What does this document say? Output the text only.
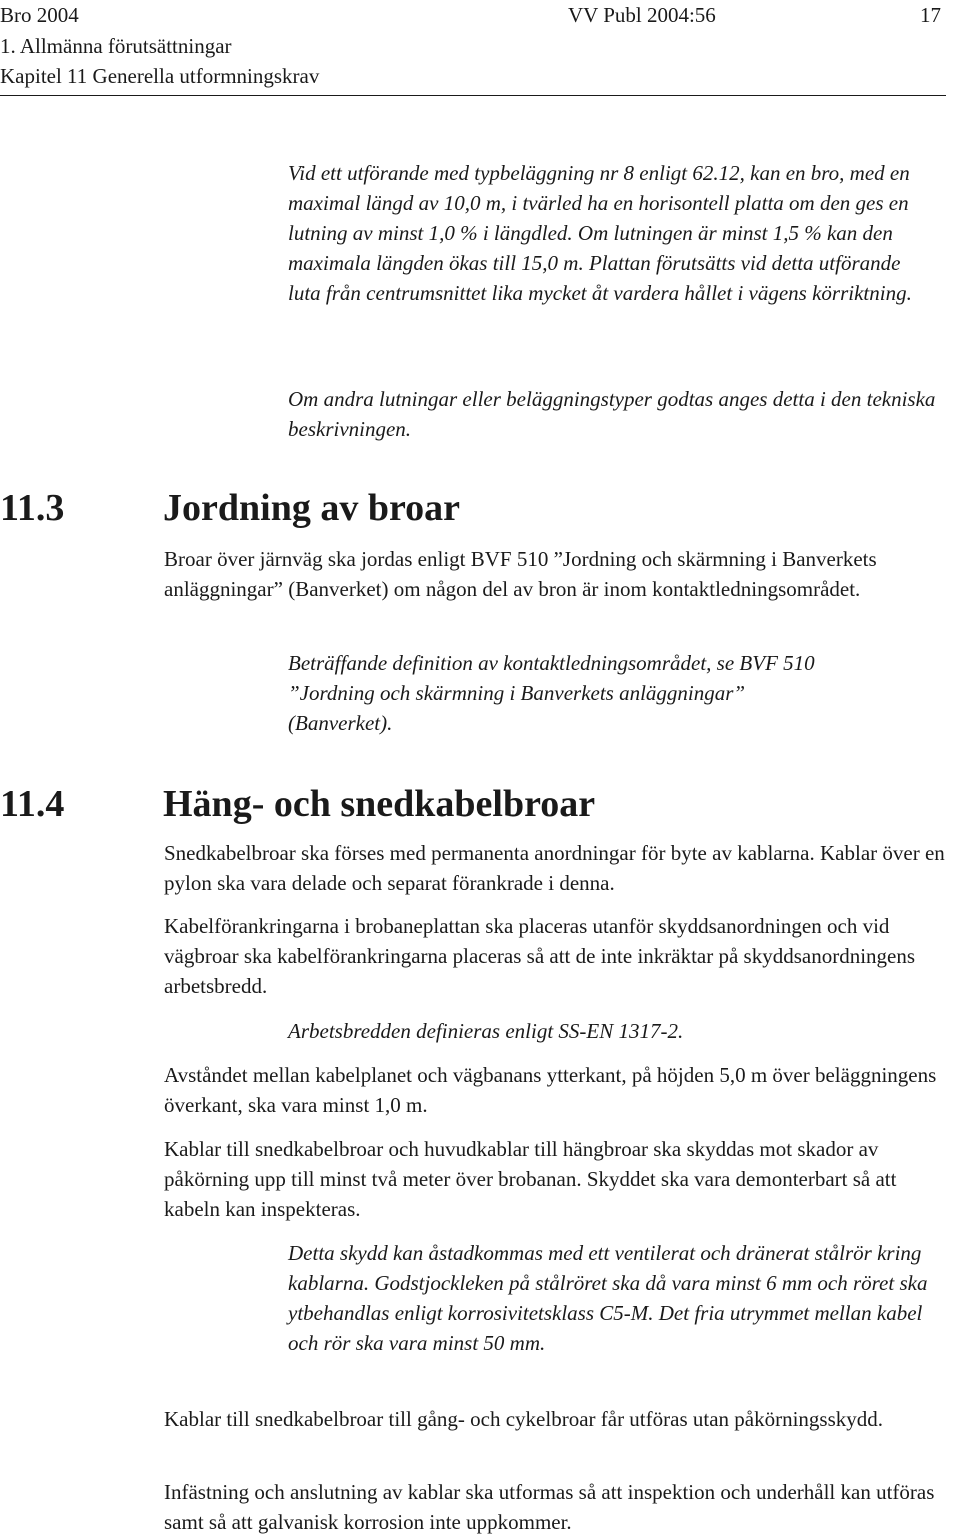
Bro 2004	VV Publ 2004:56	17
1. Allmänna förutsättningar
Kapitel 11 Generella utformningskrav

Vid ett utförande med typbeläggning nr 8 enligt 62.12, kan en bro, med en maximal längd av 10,0 m, i tvärled ha en horisontell platta om den ges en lutning av minst 1,0 % i längdled. Om lutningen är minst 1,5 % kan den maximala längden ökas till 15,0 m. Plattan förutsätts vid detta utförande luta från centrumsnittet lika mycket åt vardera hållet i vägens körriktning.

Om andra lutningar eller beläggningstyper godtas anges detta i den tekniska beskrivningen.

11.3	Jordning av broar

Broar över järnväg ska jordas enligt BVF 510 ”Jordning och skärmning i Banverkets anläggningar” (Banverket) om någon del av bron är inom kontaktledningsområdet.

Beträffande definition av kontaktledningsområdet, se BVF 510 ”Jordning och skärmning i Banverkets anläggningar” (Banverket).

11.4	Häng- och snedkabelbroar

Snedkabelbroar ska förses med permanenta anordningar för byte av kablarna. Kablar över en pylon ska vara delade och separat förankrade i denna.

Kabelförankringarna i brobaneplattan ska placeras utanför skyddsanordningen och vid vägbroar ska kabelförankringarna placeras så att de inte inkräktar på skyddsanordningens arbetsbredd.

Arbetsbredden definieras enligt SS-EN 1317-2.

Avståndet mellan kabelplanet och vägbanans ytterkant, på höjden 5,0 m över beläggningens överkant, ska vara minst 1,0 m.

Kablar till snedkabelbroar och huvudkablar till hängbroar ska skyddas mot skador av påkörning upp till minst två meter över brobanan. Skyddet ska vara demonterbart så att kabeln kan inspekteras.

Detta skydd kan åstadkommas med ett ventilerat och dränerat stålrör kring kablarna. Godstjockleken på stålröret ska då vara minst 6 mm och röret ska ytbehandlas enligt korrosivitetsklass C5-M. Det fria utrymmet mellan kabel och rör ska vara minst 50 mm.

Kablar till snedkabelbroar till gång- och cykelbroar får utföras utan påkörningsskydd.

Infästning och anslutning av kablar ska utformas så att inspektion och underhåll kan utföras samt så att galvanisk korrosion inte uppkommer.
